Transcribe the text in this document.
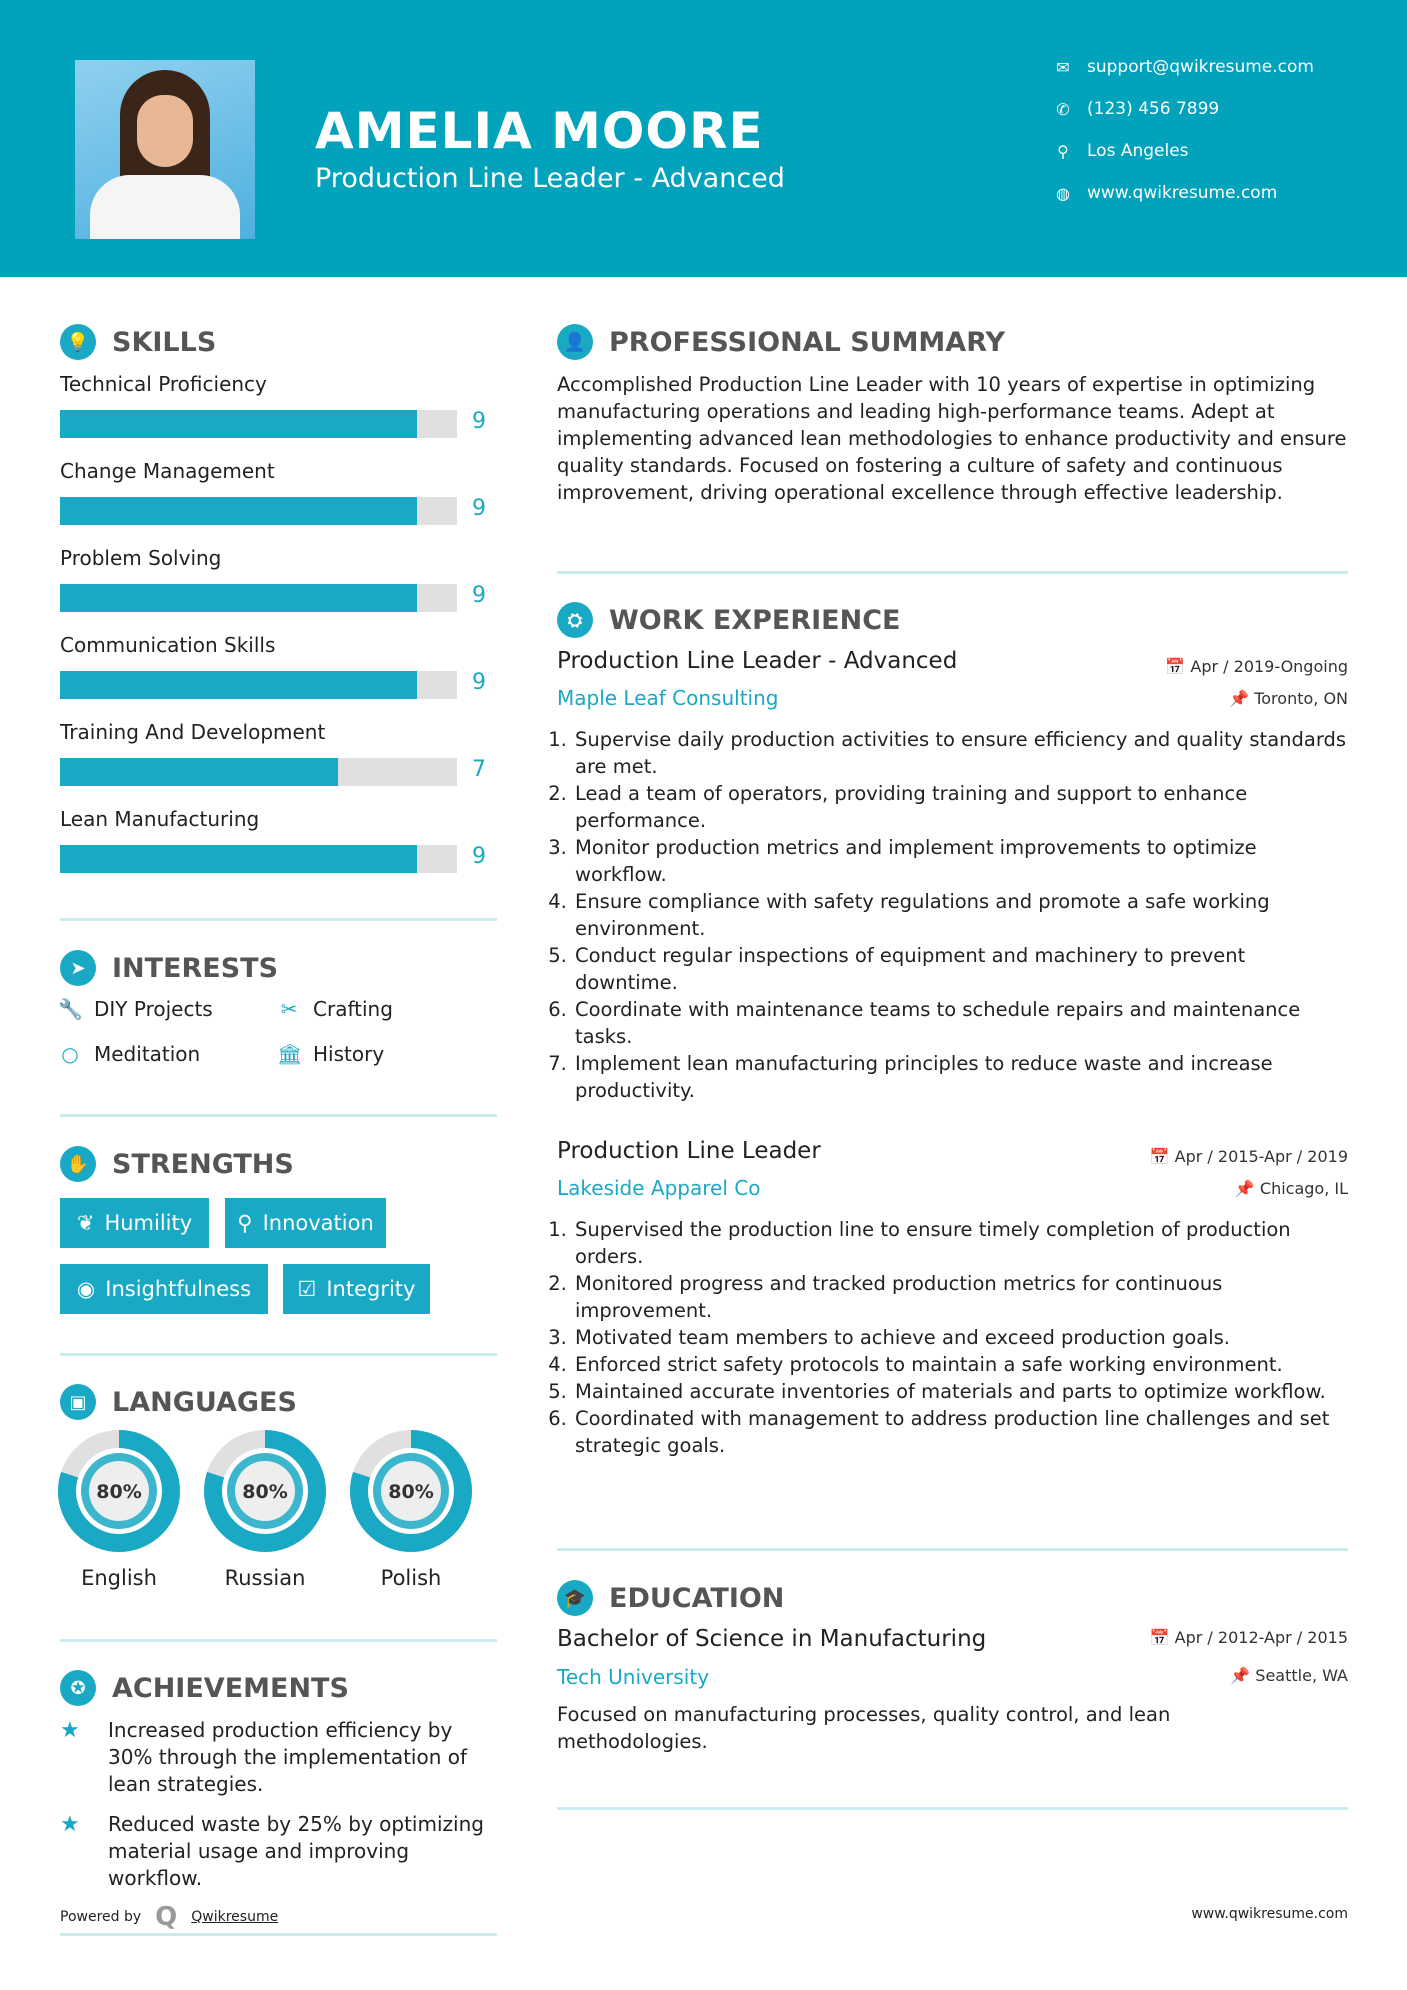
AMELIA MOORE
Production Line Leader - Advanced
✉ support@qwikresume.com
✆ (123) 456 7899
⚲ Los Angeles
◍ www.qwikresume.com
💡 SKILLS
Technical Proficiency
9
Change Management
9
Problem Solving
9
Communication Skills
9
Training And Development
7
Lean Manufacturing
9
➤ INTERESTS
🔧 DIY Projects	✂ Crafting
○ Meditation	🏛 History
✋ STRENGTHS
❦ Humility ⚲ Innovation
◉ Insightfulness ☑ Integrity
▣ LANGUAGES
80%
English
80%
Russian
80%
Polish
✪ ACHIEVEMENTS
★	Increased production efficiency by 30% through the implementation of lean strategies.
★	Reduced waste by 25% by optimizing material usage and improving workflow.
Powered by Q Qwikresume
👤 PROFESSIONAL SUMMARY
Accomplished Production Line Leader with 10 years of expertise in optimizing manufacturing operations and leading high-performance teams. Adept at implementing advanced lean methodologies to enhance productivity and ensure quality standards. Focused on fostering a culture of safety and continuous improvement, driving operational excellence through effective leadership.
⛭ WORK EXPERIENCE
Production Line Leader - Advanced	📅 Apr / 2019-Ongoing
Maple Leaf Consulting	📌 Toronto, ON
1. Supervise daily production activities to ensure efficiency and quality standards are met.
2. Lead a team of operators, providing training and support to enhance performance.
3. Monitor production metrics and implement improvements to optimize workflow.
4. Ensure compliance with safety regulations and promote a safe working environment.
5. Conduct regular inspections of equipment and machinery to prevent downtime.
6. Coordinate with maintenance teams to schedule repairs and maintenance tasks.
7. Implement lean manufacturing principles to reduce waste and increase productivity.
Production Line Leader	📅 Apr / 2015-Apr / 2019
Lakeside Apparel Co	📌 Chicago, IL
1. Supervised the production line to ensure timely completion of production orders.
2. Monitored progress and tracked production metrics for continuous improvement.
3. Motivated team members to achieve and exceed production goals.
4. Enforced strict safety protocols to maintain a safe working environment.
5. Maintained accurate inventories of materials and parts to optimize workflow.
6. Coordinated with management to address production line challenges and set strategic goals.
🎓 EDUCATION
Bachelor of Science in Manufacturing	📅 Apr / 2012-Apr / 2015
Tech University	📌 Seattle, WA
Focused on manufacturing processes, quality control, and lean methodologies.
www.qwikresume.com
